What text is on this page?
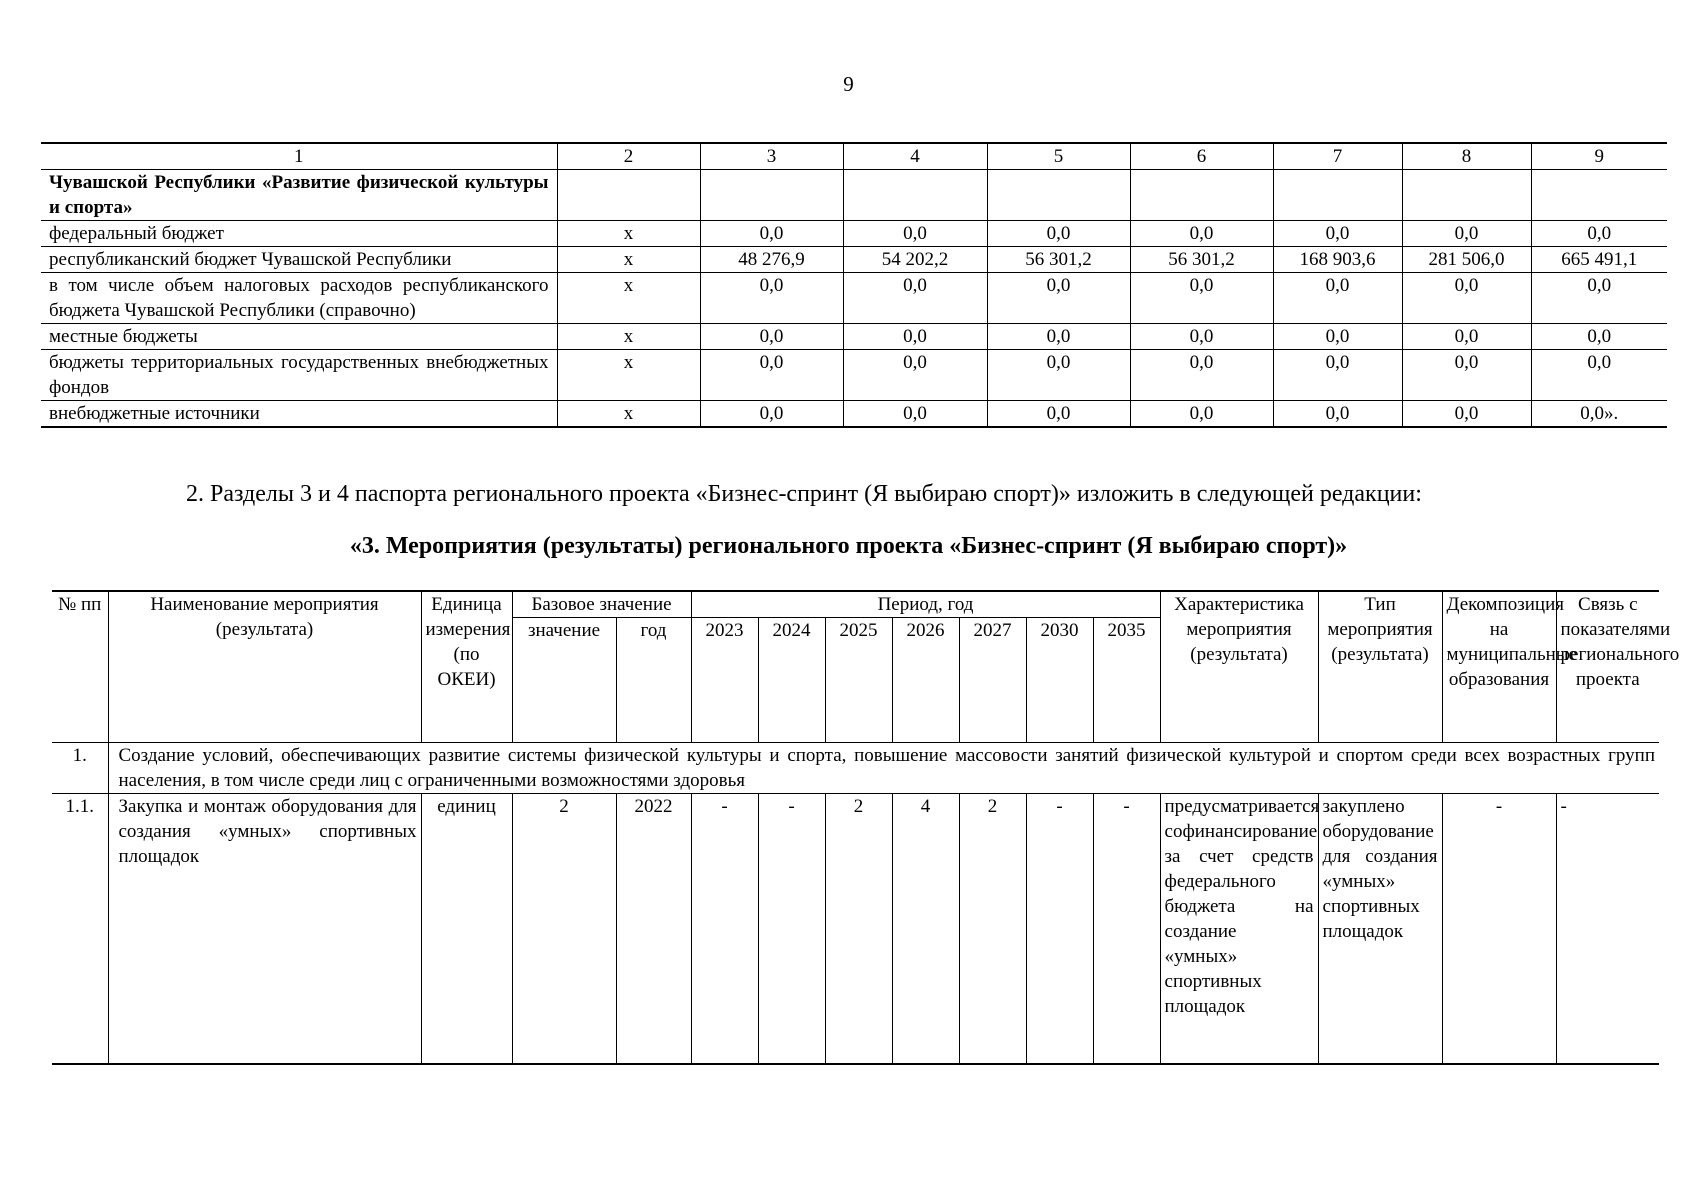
9
1	2	3	4	5	6	7	8	9
Чувашской Республики «Развитие физической культуры и спорта»								
федеральный бюджет	х	0,0	0,0	0,0	0,0	0,0	0,0	0,0
республиканский бюджет Чувашской Республики	х	48 276,9	54 202,2	56 301,2	56 301,2	168 903,6	281 506,0	665 491,1
в том числе объем налоговых расходов республиканского бюджета Чувашской Республики (справочно)	х	0,0	0,0	0,0	0,0	0,0	0,0	0,0
местные бюджеты	х	0,0	0,0	0,0	0,0	0,0	0,0	0,0
бюджеты территориальных государственных внебюджетных фондов	х	0,0	0,0	0,0	0,0	0,0	0,0	0,0
внебюджетные источники	х	0,0	0,0	0,0	0,0	0,0	0,0	0,0».
2. Разделы 3 и 4 паспорта регионального проекта «Бизнес-спринт (Я выбираю спорт)» изложить в следующей редакции:
«3. Мероприятия (результаты) регионального проекта «Бизнес-спринт (Я выбираю спорт)»
№ пп	Наименование мероприятия (результата)	Единица измерения (по ОКЕИ)	Базовое значение		Период, год							Характеристика мероприятия (результата)	Тип мероприятия (результата)	Декомпозиция на муниципальные образования	Связь с показателями регионального проекта
			значение	год	2023	2024	2025	2026	2027	2030	2035				
1.	Создание условий, обеспечивающих развитие системы физической культуры и спорта, повышение массовости занятий физической культурой и спортом среди всех возрастных групп населения, в том числе среди лиц с ограниченными возможностями здоровья														
1.1.	Закупка и монтаж оборудования для создания «умных» спортивных площадок	единиц	2	2022	-	-	2	4	2	-	-	предусматривается софинансирование за счет средств федерального бюджета на создание «умных» спортивных площадок	закуплено оборудование для создания «умных» спортивных площадок	-	-
